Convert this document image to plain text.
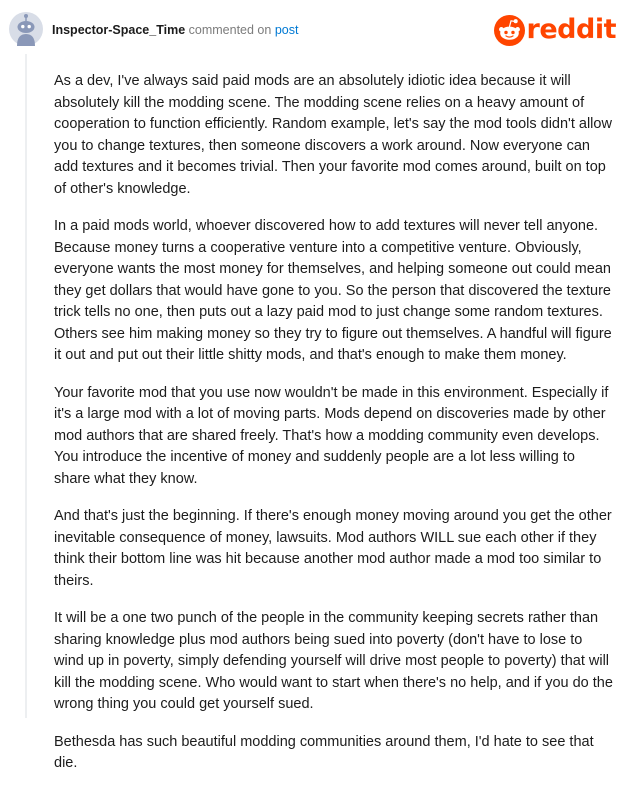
Inspector-Space_Time commented on post	reddit

As a dev, I've always said paid mods are an absolutely idiotic idea because it will absolutely kill the modding scene. The modding scene relies on a heavy amount of cooperation to function efficiently. Random example, let's say the mod tools didn't allow you to change textures, then someone discovers a work around. Now everyone can add textures and it becomes trivial. Then your favorite mod comes around, built on top of other's knowledge.

In a paid mods world, whoever discovered how to add textures will never tell anyone. Because money turns a cooperative venture into a competitive venture. Obviously, everyone wants the most money for themselves, and helping someone out could mean they get dollars that would have gone to you. So the person that discovered the texture trick tells no one, then puts out a lazy paid mod to just change some random textures. Others see him making money so they try to figure out themselves. A handful will figure it out and put out their little shitty mods, and that's enough to make them money.

Your favorite mod that you use now wouldn't be made in this environment. Especially if it's a large mod with a lot of moving parts. Mods depend on discoveries made by other mod authors that are shared freely. That's how a modding community even develops. You introduce the incentive of money and suddenly people are a lot less willing to share what they know.

And that's just the beginning. If there's enough money moving around you get the other inevitable consequence of money, lawsuits. Mod authors WILL sue each other if they think their bottom line was hit because another mod author made a mod too similar to theirs.

It will be a one two punch of the people in the community keeping secrets rather than sharing knowledge plus mod authors being sued into poverty (don't have to lose to wind up in poverty, simply defending yourself will drive most people to poverty) that will kill the modding scene. Who would want to start when there's no help, and if you do the wrong thing you could get yourself sued.

Bethesda has such beautiful modding communities around them, I'd hate to see that die.
